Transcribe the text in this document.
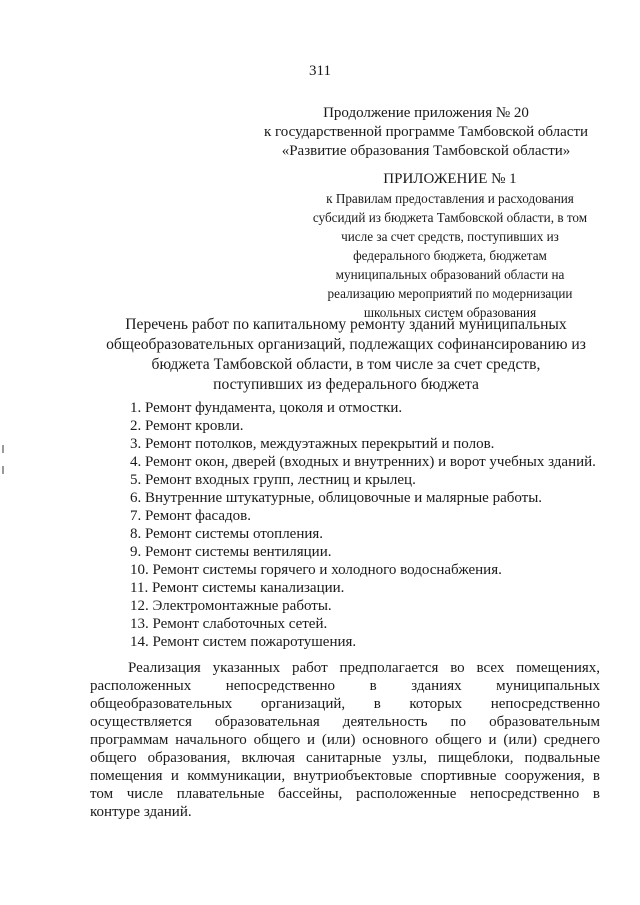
311
Продолжение приложения № 20
к государственной программе Тамбовской области
«Развитие образования Тамбовской области»
ПРИЛОЖЕНИЕ № 1
к Правилам предоставления и расходования
субсидий из бюджета Тамбовской области, в том
числе за счет средств, поступивших из
федерального бюджета, бюджетам
муниципальных образований области на
реализацию мероприятий по модернизации
школьных систем образования
Перечень работ по капитальному ремонту зданий муниципальных
общеобразовательных организаций, подлежащих софинансированию из
бюджета Тамбовской области, в том числе за счет средств,
поступивших из федерального бюджета
1. Ремонт фундамента, цоколя и отмостки.
2. Ремонт кровли.
3. Ремонт потолков, междуэтажных перекрытий и полов.
4. Ремонт окон, дверей (входных и внутренних) и ворот учебных зданий.
5. Ремонт входных групп, лестниц и крылец.
6. Внутренние штукатурные, облицовочные и малярные работы.
7. Ремонт фасадов.
8. Ремонт системы отопления.
9. Ремонт системы вентиляции.
10. Ремонт системы горячего и холодного водоснабжения.
11. Ремонт системы канализации.
12. Электромонтажные работы.
13. Ремонт слаботочных сетей.
14. Ремонт систем пожаротушения.
Реализация указанных работ предполагается во всех помещениях,
расположенных непосредственно в зданиях муниципальных
общеобразовательных организаций, в которых непосредственно
осуществляется образовательная деятельность по образовательным
программам начального общего и (или) основного общего и (или) среднего
общего образования, включая санитарные узлы, пищеблоки, подвальные
помещения и коммуникации, внутриобъектовые спортивные сооружения, в
том числе плавательные бассейны, расположенные непосредственно в
контуре зданий.
